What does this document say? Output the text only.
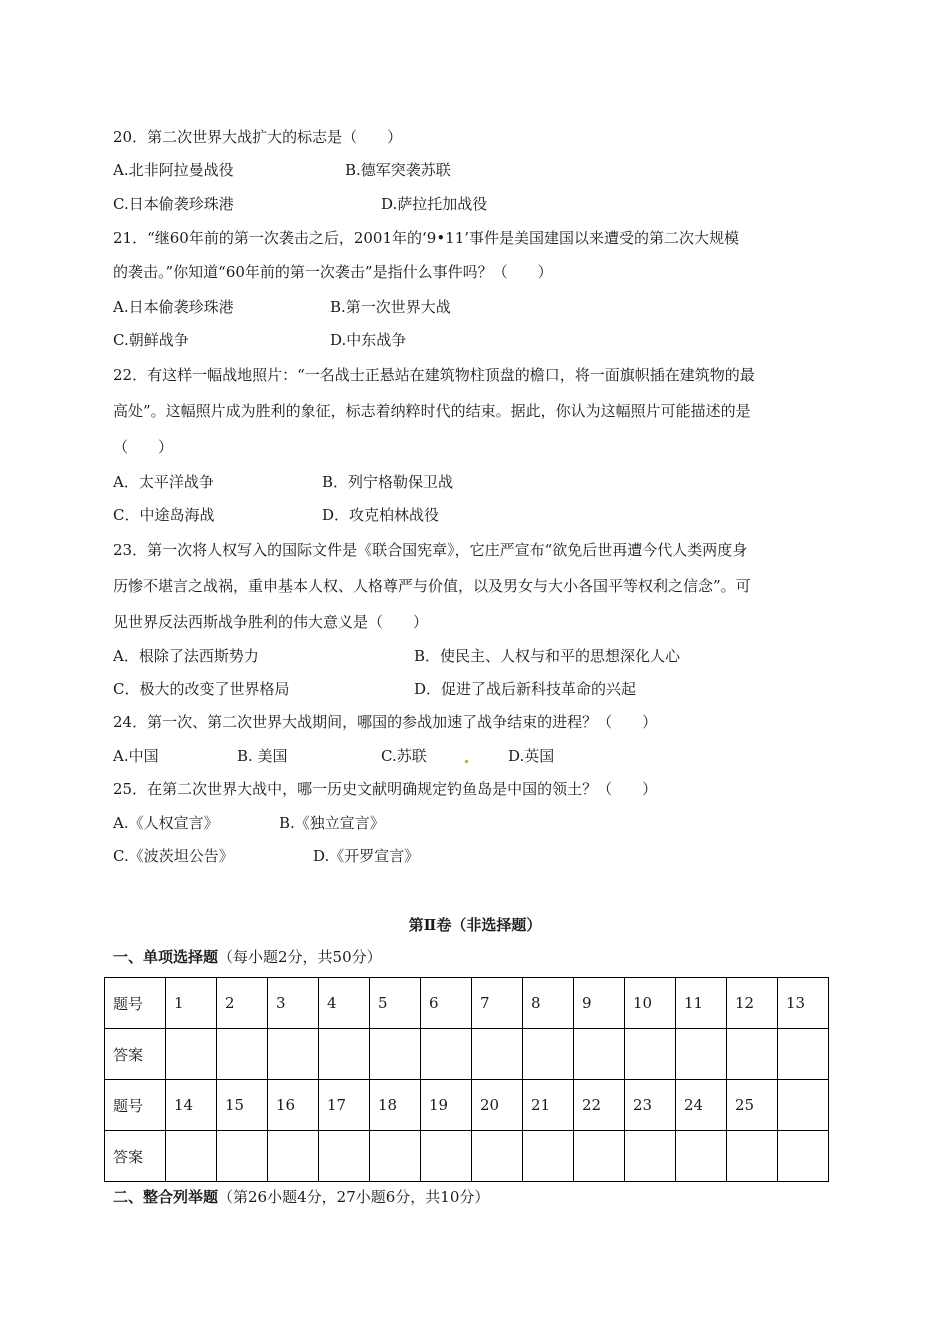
20．第二次世界大战扩大的标志是（　　）
A.北非阿拉曼战役	B.德军突袭苏联
C.日本偷袭珍珠港	D.萨拉托加战役
21．“继60年前的第一次袭击之后，2001年的‘9•11’事件是美国建国以来遭受的第二次大规模
的袭击。”你知道“60年前的第一次袭击”是指什么事件吗？（　　）
A.日本偷袭珍珠港	B.第一次世界大战
C.朝鲜战争	D.中东战争
22．有这样一幅战地照片：“一名战士正悬站在建筑物柱顶盘的檐口，将一面旗帜插在建筑物的最
高处”。这幅照片成为胜利的象征，标志着纳粹时代的结束。据此，你认为这幅照片可能描述的是
（　　）
A．太平洋战争	B．列宁格勒保卫战
C．中途岛海战	D．攻克柏林战役
23．第一次将人权写入的国际文件是《联合国宪章》，它庄严宣布“欲免后世再遭今代人类两度身
历惨不堪言之战祸，重申基本人权、人格尊严与价值，以及男女与大小各国平等权利之信念”。可
见世界反法西斯战争胜利的伟大意义是（　　）
A．根除了法西斯势力	B．使民主、人权与和平的思想深化人心
C．极大的改变了世界格局	D．促进了战后新科技革命的兴起
24．第一次、第二次世界大战期间，哪国的参战加速了战争结束的进程？（　　）
A.中国	B. 美国	C.苏联	D.英国
25．在第二次世界大战中，哪一历史文献明确规定钓鱼岛是中国的领土？（　　）
A.《人权宣言》	B.《独立宣言》
C.《波茨坦公告》	D.《开罗宣言》
第Ⅱ卷（非选择题）
一、单项选择题（每小题2分，共50分）
题号	1	2	3	4	5	6	7	8	9	10	11	12	13
答案													
题号	14	15	16	17	18	19	20	21	22	23	24	25	
答案													
二、整合列举题（第26小题4分，27小题6分，共10分）
